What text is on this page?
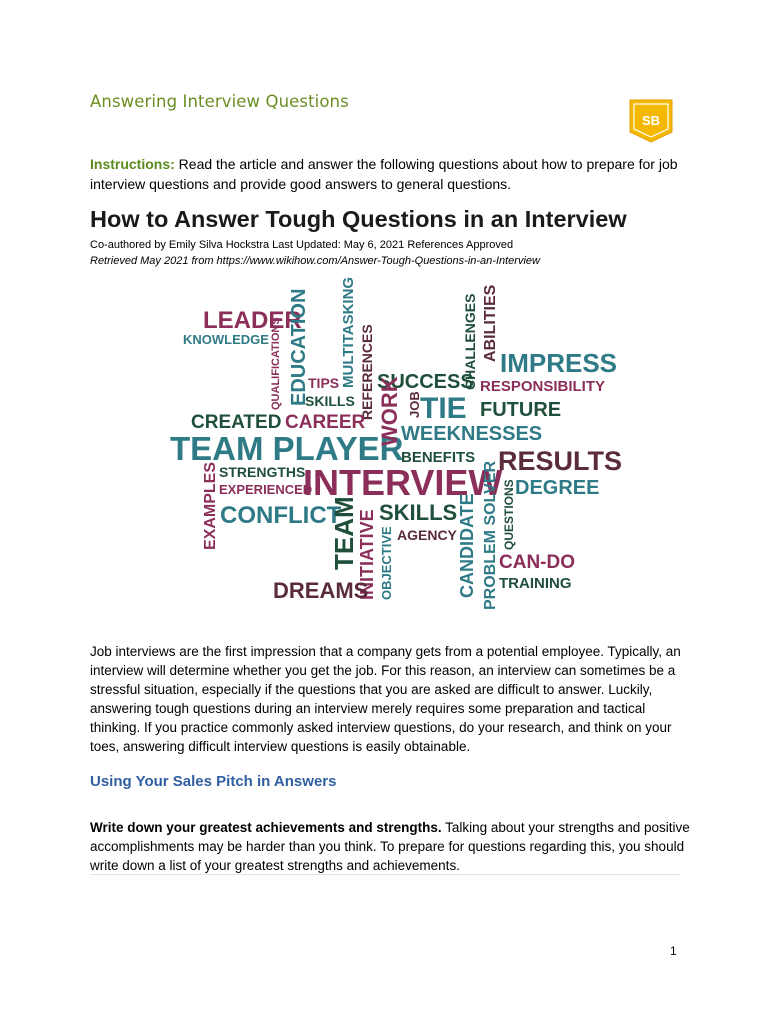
Answering Interview Questions
SB
Instructions: Read the article and answer the following questions about how to prepare for job interview questions and provide good answers to general questions.
How to Answer Tough Questions in an Interview
Co-authored by Emily Silva Hockstra Last Updated: May 6, 2021 References Approved
Retrieved May 2021 from https://www.wikihow.com/Answer-Tough-Questions-in-an-Interview
LEADER
KNOWLEDGE QUALIFICATIONS EDUCATION MULTITASKING
TIPS
SKILLS REFERENCES
CREATED CAREER
TEAM PLAYER
STRENGTHS
EXPERIENCED
EXAMPLES CONFLICT
TEAM
INITIATIVE OBJECTIVE
DREAMS
SUCCESS
JOB
TIE
WORK WEEKNESSES
CHALLENGES ABILITIES
IMPRESS
RESPONSIBILITY
FUTURE
BENEFITS
INTERVIEW
RESULTS
DEGREE
PROBLEM SOLVER QUESTIONS
SKILLS
AGENCY CANDIDATE CAN-DO
TRAINING
Job interviews are the first impression that a company gets from a potential employee. Typically, an interview will determine whether you get the job. For this reason, an interview can sometimes be a stressful situation, especially if the questions that you are asked are difficult to answer. Luckily, answering tough questions during an interview merely requires some preparation and tactical thinking. If you practice commonly asked interview questions, do your research, and think on your toes, answering difficult interview questions is easily obtainable.
Using Your Sales Pitch in Answers
Write down your greatest achievements and strengths. Talking about your strengths and positive accomplishments may be harder than you think. To prepare for questions regarding this, you should write down a list of your greatest strengths and achievements.
1
